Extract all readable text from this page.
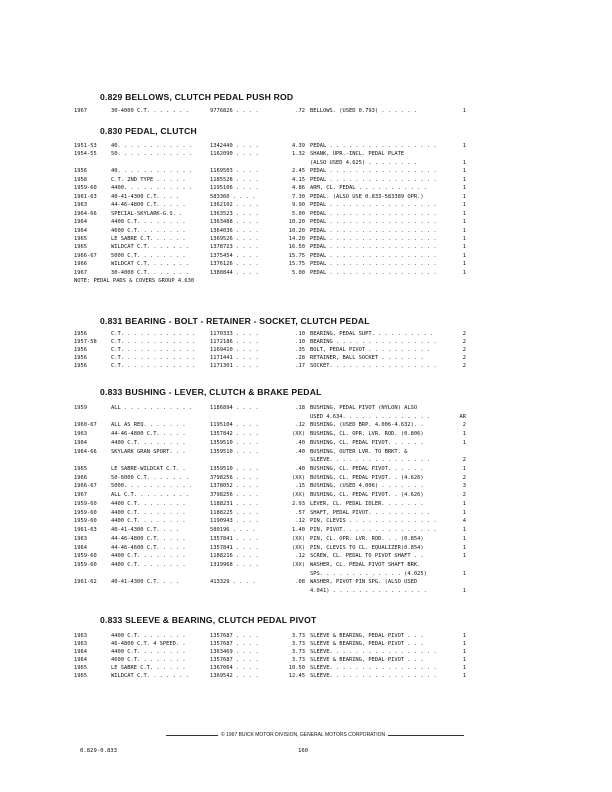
0.829 BELLOWS, CLUTCH PEDAL PUSH ROD
1967	30-4000 C.T. . . . . . .	9776826 . . . .	.72 BELLOWS. (USED 0.793) . . . . . .	1
0.830 PEDAL, CLUTCH
1951-53	40. . . . . . . . . . . .	1342440 . . . .	4.39 PEDAL . . . . . . . . . . . . . . . . .	1
1954-55	50. . . . . . . . . . . .	1162090 . . . .	1.32 SHANK, UPR.-INCL. PEDAL PLATE
(ALSO USED 4.625) . . . . . . . .	1
1956	40. . . . . . . . . . . .	1169503 . . . .	2.45 PEDAL . . . . . . . . . . . . . . . . .	1
1958	C.T. 2ND TYPE . . . . .	1185528 . . . .	4.15 PEDAL . . . . . . . . . . . . . . . . .	1
1959-60	4400. . . . . . . . . . .	1195106 . . . .	4.86 ARM, CL. PEDAL . . . . . . . . . . .	1
1961-63	40-41-4300 C.T. . . .	583360 . . . .	7.30 PEDAL. (ALSO USE 0.833-583389 OPR.)	1
1963	44-46-4800 C.T. . . . .	1362102 . . . .	9.90 PEDAL . . . . . . . . . . . . . . . . .	1
1964-66	SPECIAL-SKYLARK-G.S. .	1363523 . . . .	5.00 PEDAL . . . . . . . . . . . . . . . . .	1
1964	4400 C.T. . . . . . . .	1363488 . . . .	10.20 PEDAL . . . . . . . . . . . . . . . . .	1
1964	4600 C.T. . . . . . . .	1364036 . . . .	10.20 PEDAL . . . . . . . . . . . . . . . . .	1
1965	LE SABRE C.T. . . . . .	1369526 . . . .	14.20 PEDAL . . . . . . . . . . . . . . . . .	1
1965	WILDCAT C.T. . . . . . .	1378723 . . . .	16.50 PEDAL . . . . . . . . . . . . . . . . .	1
1966-67	5000 C.T. . . . . . . .	1375454 . . . .	15.75 PEDAL . . . . . . . . . . . . . . . . .	1
1966	WILDCAT C.T. . . . . . .	1376126 . . . .	15.75 PEDAL . . . . . . . . . . . . . . . . .	1
1967	30-4000 C.T. . . . . . .	1380844 . . . .	5.00 PEDAL . . . . . . . . . . . . . . . . .	1
0.831 BEARING - BOLT - RETAINER - SOCKET, CLUTCH PEDAL
1956	C.T. . . . . . . . . . . .	1170333 . . . .	.10 BEARING, PEDAL SUPT. . . . . . . . . .	2
1957-58	C.T. . . . . . . . . . . .	1172186 . . . .	.10 BEARING . . . . . . . . . . . . . . . .	2
1956	C.T. . . . . . . . . . . .	1169410 . . . .	.35 BOLT, PEDAL PIVOT . . . . . . . . . .	2
1956	C.T. . . . . . . . . . . .	1171441 . . . .	.28 RETAINER, BALL SOCKET . . . . . . .	2
1956	C.T. . . . . . . . . . . .	1171301 . . . .	.17 SOCKET. . . . . . . . . . . . . . . . .	2
0.833 BUSHING - LEVER, CLUTCH & BRAKE PEDAL
1959	ALL . . . . . . . . . . .	1186894 . . . .	.18 BUSHING, PEDAL PIVOT (NYLON) ALSO
USED 4.634. . . . . . . . . . . . . .	AR
1960-67	ALL AS REQ. . . . . . .	1195104 . . . .	.12 BUSHING, (USED BRP. 4.006-4.632). .	2
1963	44-46-4800 C.T. . . . .	1357842 . . . .	(XX) BUSHING, CL. OPR. LVR. ROD. (0.806)	1
1964	4400 C.T. . . . . . . .	1359510 . . . .	.40 BUSHING, CL. PEDAL PIVOT. . . . . .	1
1964-66	SKYLARK GRAN SPORT. . .	1359510 . . . .	.40 BUSHING, OUTER LVR. TO BRKT. &
SLEEVE. . . . . . . . . . . . . . . .	2
1965	LE SABRE-WILDCAT C.T. .	1359510 . . . .	.40 BUSHING, CL. PEDAL PIVOT. . . . . .	1
1966	50-6000 C.T. . . . . . .	3798256 . . . .	(XX) BUSHING, CL. PEDAL PIVOT. . (4.626)	2
1966-67	5000. . . . . . . . . . .	1378052 . . . .	.15 BUSHING, (USED 4.006) . . . . . . .	3
1967	ALL C.T. . . . . . . . .	3798256 . . . .	(XX) BUSHING, CL. PEDAL PIVOT. . (4.626)	2
1959-60	4400 C.T. . . . . . . .	1188231 . . . .	2.93 LEVER, CL. PEDAL IDLER. . . . . . .	1
1959-60	4400 C.T. . . . . . . .	1188225 . . . .	.57 SHAFT, PEDAL PIVOT. . . . . . . . . .	1
1959-60	4400 C.T. . . . . . . .	1190943 . . . .	.12 PIN, CLEVIS . . . . . . . . . . . . . .	4
1961-63	40-41-4300 C.T. . . .	580196 . . . .	1.40 PIN, PIVOT. . . . . . . . . . . . . . .	1
1963	44-46-4800 C.T. . . . .	1357841 . . . .	(XX) PIN, CL. OPR. LVR. ROD. . . (0.854)	1
1964	44-46-4600 C.T. . . . .	1357841 . . . .	(XX) PIN, CLEVIS TO CL. EQUALIZER(0.854)	1
1959-60	4400 C.T. . . . . . . .	1188216 . . . .	.12 SCREW, CL. PEDAL TO PIVOT SHAFT . .	1
1959-60	4400 C.T. . . . . . . .	1319968 . . . .	(XX) WASHER, CL. PEDAL PIVOT SHAFT BRK.
SPS. . . . . . . . . . . . . (4.025)	1
1961-62	40-41-4300 C.T. . . .	413329 . . . .	.08 WASHER, PIVOT PIN SPG. (ALSO USED
4.041) . . . . . . . . . . . . . . .	1
0.833 SLEEVE & BEARING, CLUTCH PEDAL PIVOT
1963	4400 C.T. . . . . . . .	1357687 . . . .	3.73 SLEEVE & BEARING, PEDAL PIVOT . . .	1
1963	46-4800 C.T. 4 SPEED. .	1357687 . . . .	3.73 SLEEVE & BEARING, PEDAL PIVOT . . .	1
1964	4400 C.T. . . . . . . .	1363469 . . . .	3.73 SLEEVE. . . . . . . . . . . . . . . . .	1
1964	4600 C.T. . . . . . . .	1357687 . . . .	3.73 SLEEVE & BEARING, PEDAL PIVOT . . .	1
1965	LE SABRE C.T. . . . . .	1367064 . . . .	10.50 SLEEVE. . . . . . . . . . . . . . . . .	1
1965	WILDCAT C.T. . . . . . .	1369542 . . . .	12.45 SLEEVE. . . . . . . . . . . . . . . . .	1
NOTE: PEDAL PADS & COVERS GROUP 4.630
© 1967 BUICK MOTOR DIVISION, GENERAL MOTORS CORPORATION
0.829-0.833	160
